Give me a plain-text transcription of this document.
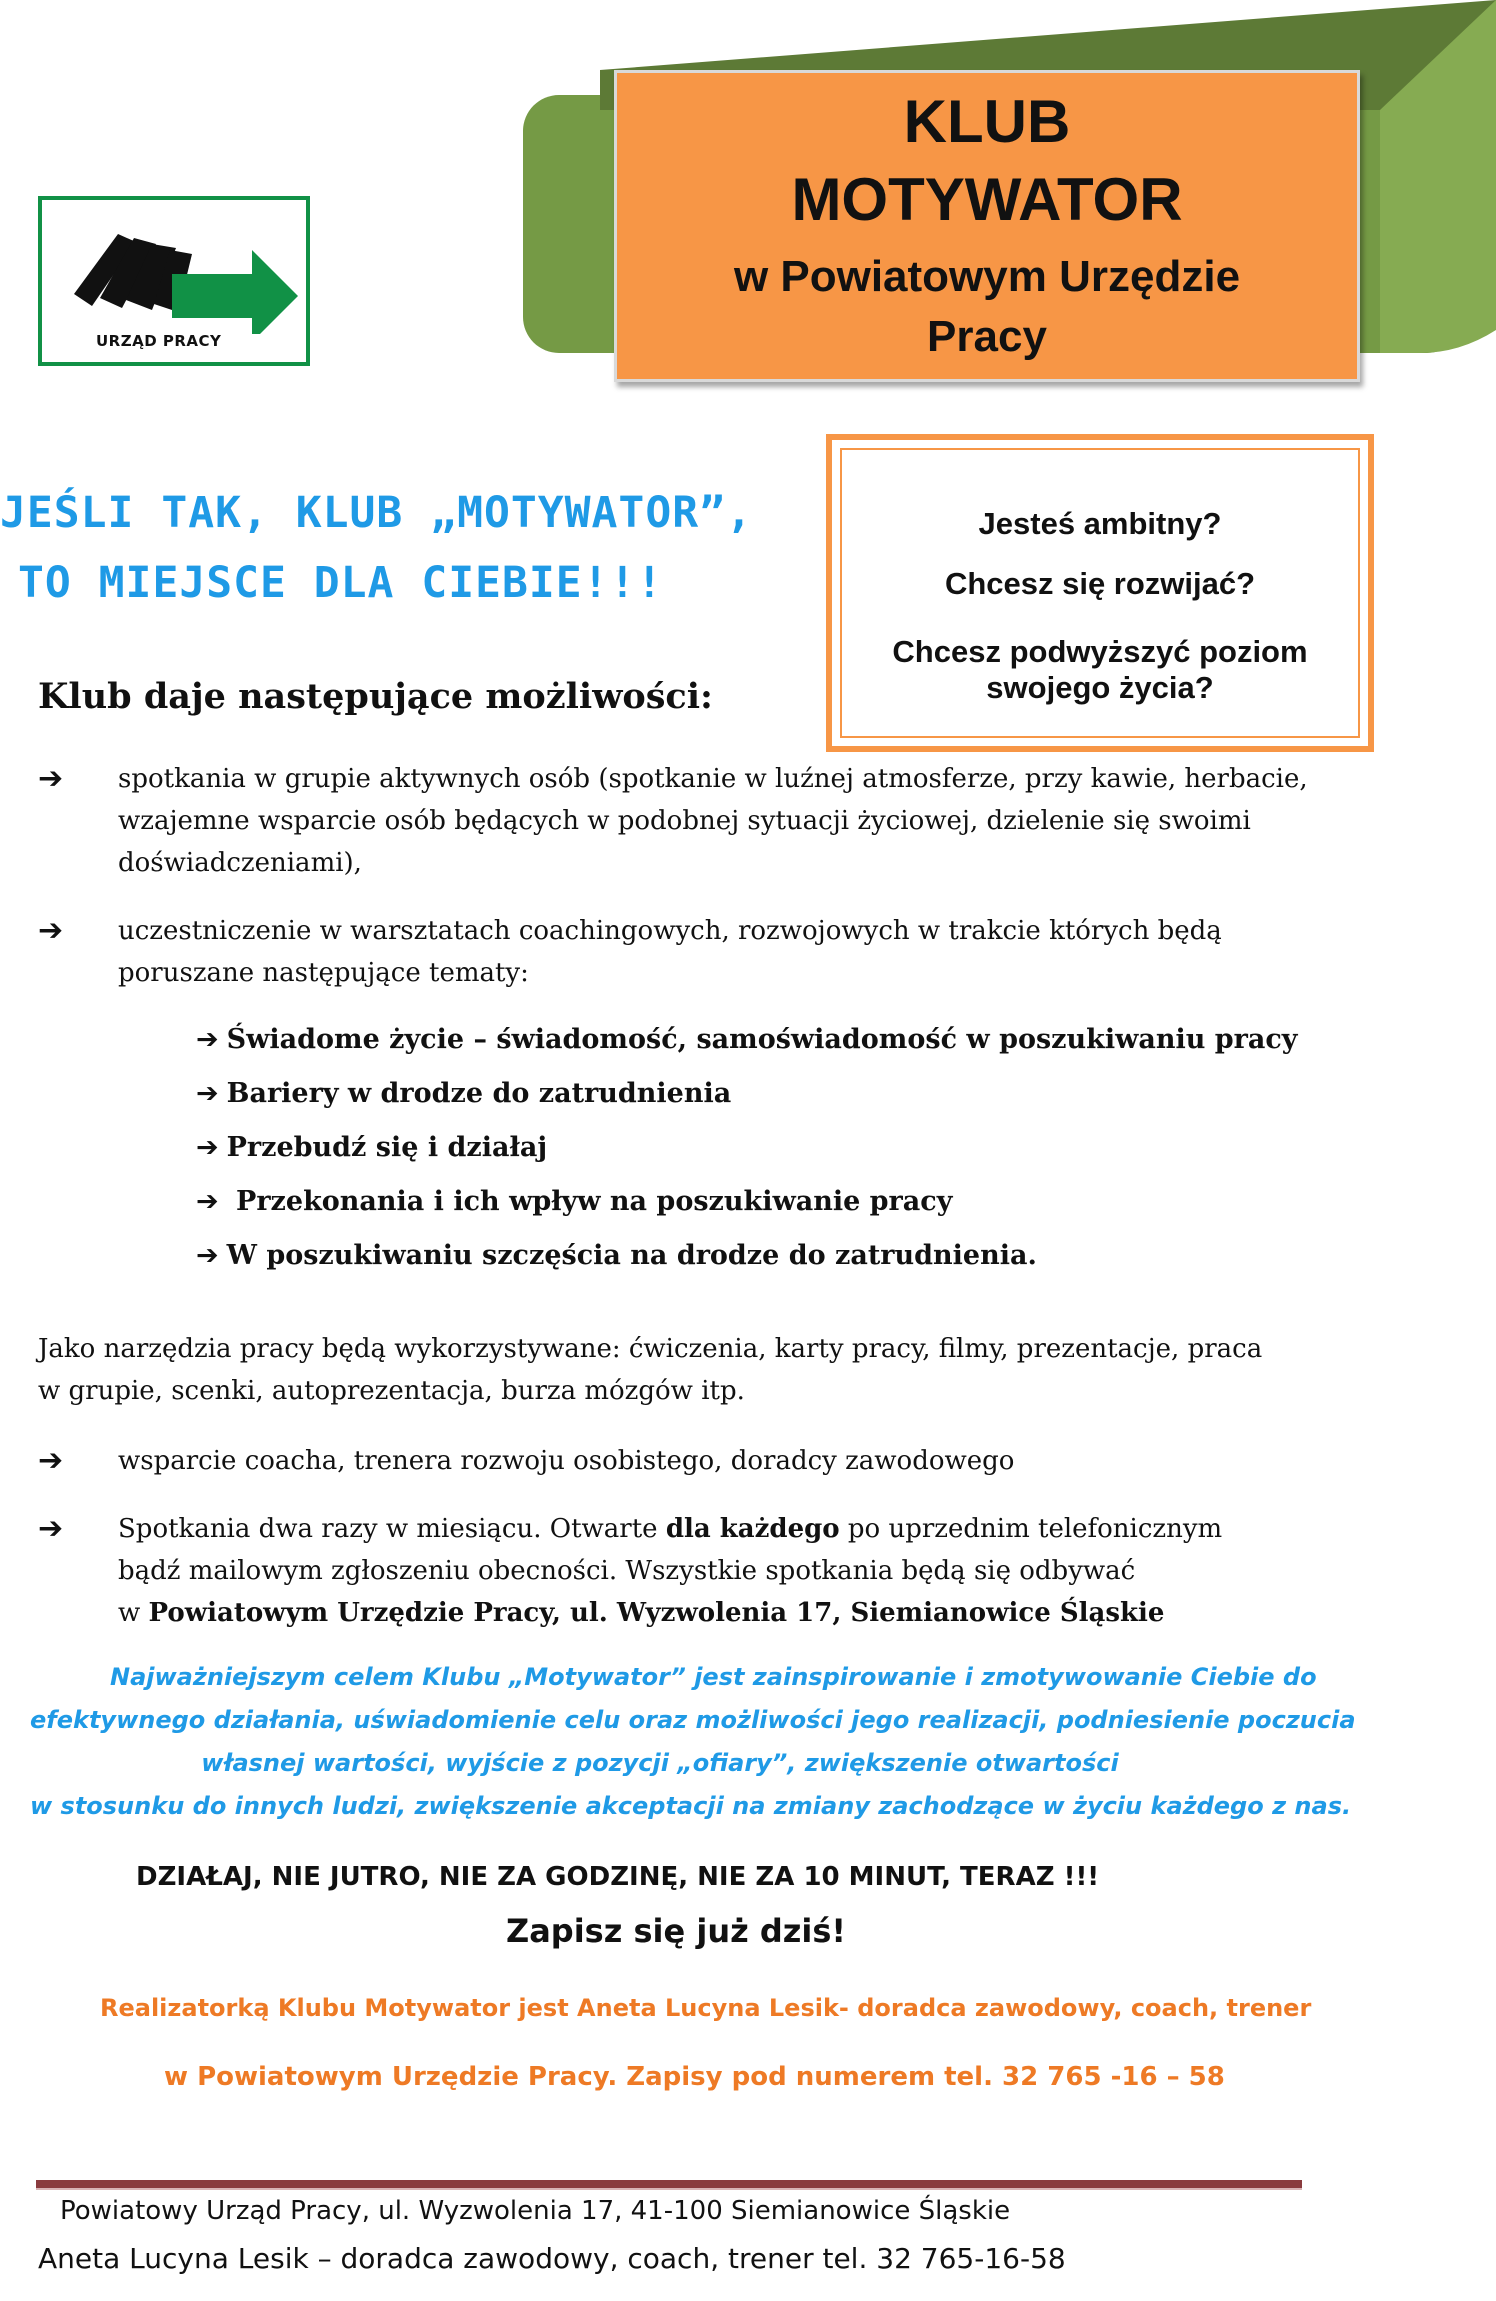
KLUB
MOTYWATOR
w Powiatowym Urzędzie
Pracy
URZĄD PRACY
JEŚLI TAK, KLUB „MOTYWATOR”,
TO MIEJSCE DLA CIEBIE!!!
Jesteś ambitny?
Chcesz się rozwijać?
Chcesz podwyższyć poziom
swojego życia?
Klub daje następujące możliwości:
➔ spotkania w grupie aktywnych osób (spotkanie w luźnej atmosferze, przy kawie, herbacie,
wzajemne wsparcie osób będących w podobnej sytuacji życiowej, dzielenie się swoimi
doświadczeniami),
➔ uczestniczenie w warsztatach coachingowych, rozwojowych w trakcie których będą
poruszane następujące tematy:
➔ Świadome życie – świadomość, samoświadomość w poszukiwaniu pracy
➔ Bariery w drodze do zatrudnienia
➔ Przebudź się i działaj
➔ Przekonania i ich wpływ na poszukiwanie pracy
➔ W poszukiwaniu szczęścia na drodze do zatrudnienia.
Jako narzędzia pracy będą wykorzystywane: ćwiczenia, karty pracy, filmy, prezentacje, praca
w grupie, scenki, autoprezentacja, burza mózgów itp.
➔ wsparcie coacha, trenera rozwoju osobistego, doradcy zawodowego
➔ Spotkania dwa razy w miesiącu. Otwarte dla każdego po uprzednim telefonicznym
bądź mailowym zgłoszeniu obecności. Wszystkie spotkania będą się odbywać
w Powiatowym Urzędzie Pracy, ul. Wyzwolenia 17, Siemianowice Śląskie
Najważniejszym celem Klubu „Motywator” jest zainspirowanie i zmotywowanie Ciebie do
efektywnego działania, uświadomienie celu oraz możliwości jego realizacji, podniesienie poczucia
własnej wartości, wyjście z pozycji „ofiary”, zwiększenie otwartości
w stosunku do innych ludzi, zwiększenie akceptacji na zmiany zachodzące w życiu każdego z nas.
DZIAŁAJ, NIE JUTRO, NIE ZA GODZINĘ, NIE ZA 10 MINUT, TERAZ !!!
Zapisz się już dziś!
Realizatorką Klubu Motywator jest Aneta Lucyna Lesik- doradca zawodowy, coach, trener
w Powiatowym Urzędzie Pracy. Zapisy pod numerem tel. 32 765 -16 – 58
Powiatowy Urząd Pracy, ul. Wyzwolenia 17, 41-100 Siemianowice Śląskie
Aneta Lucyna Lesik – doradca zawodowy, coach, trener tel. 32 765-16-58
